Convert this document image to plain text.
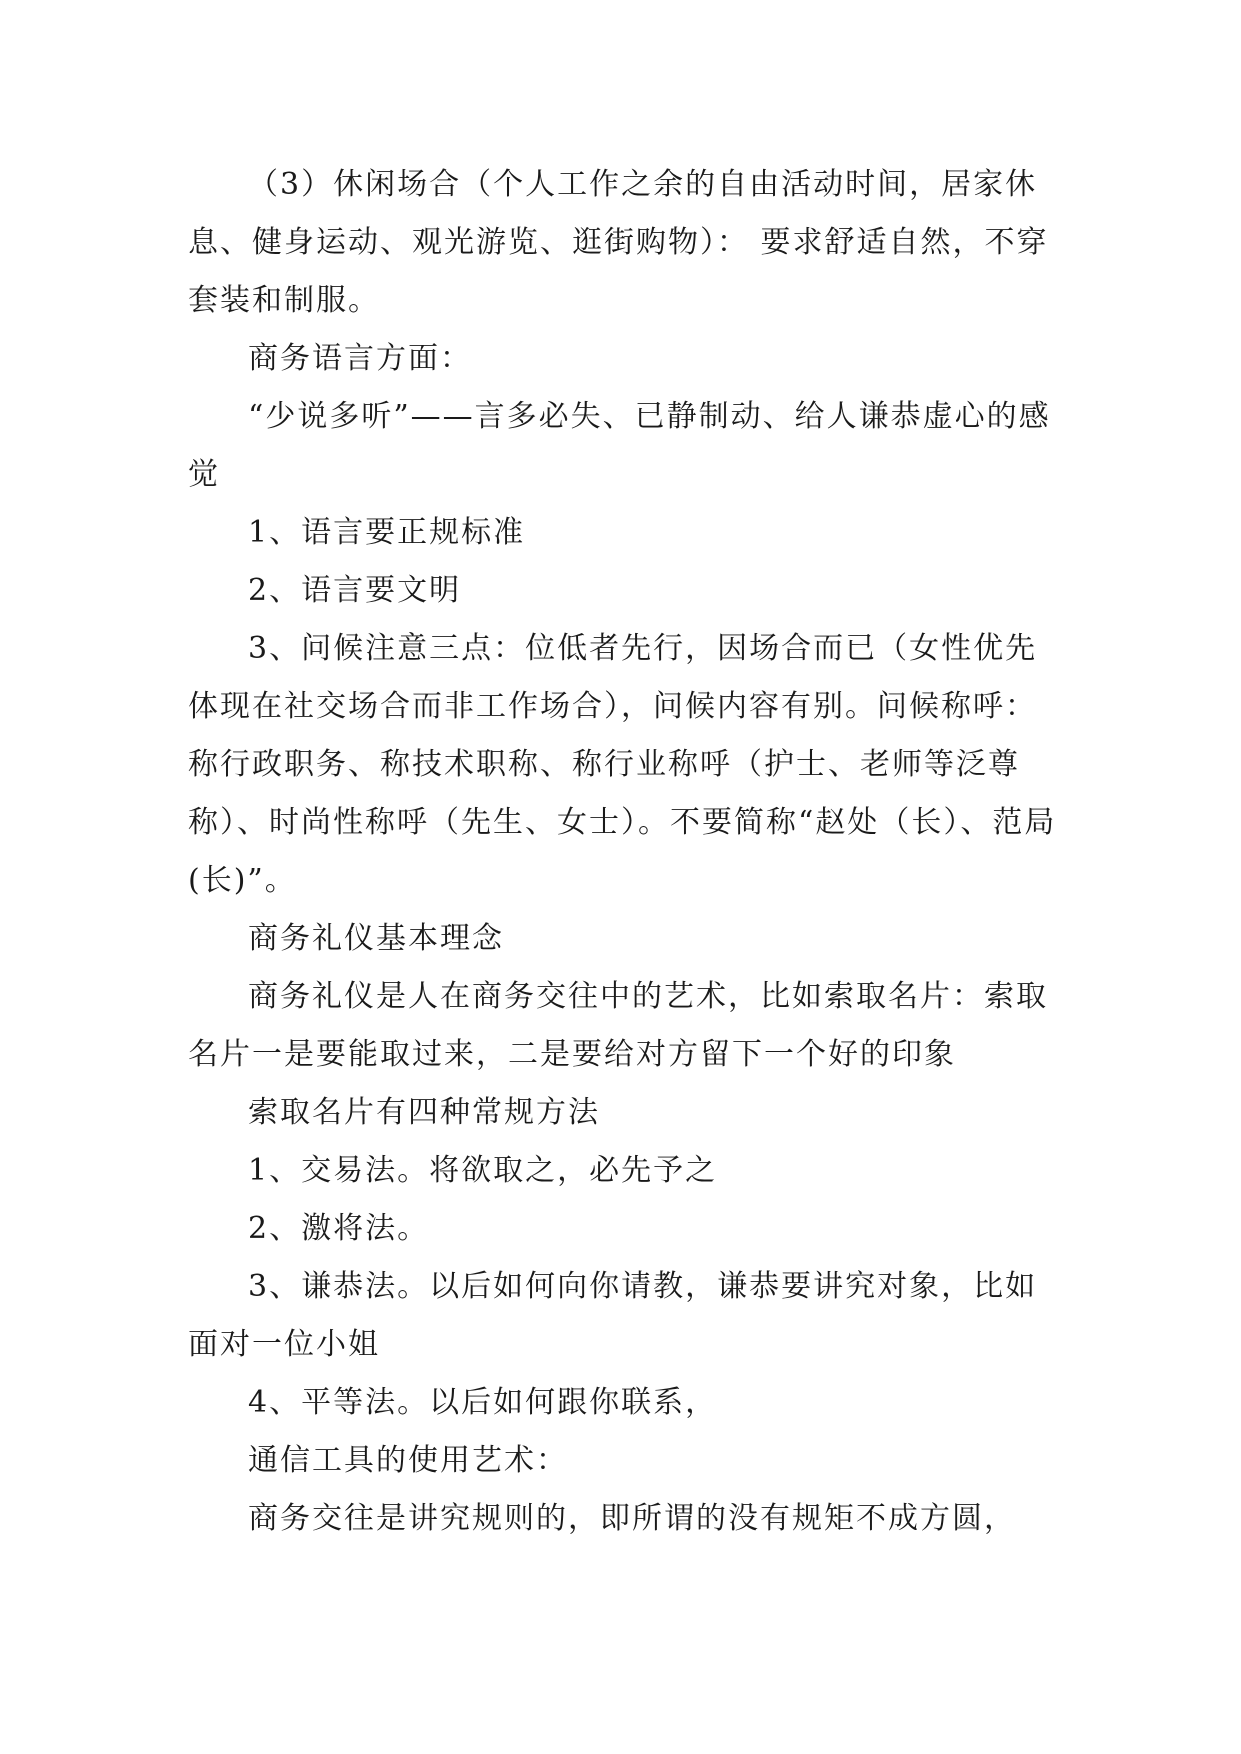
（3）休闲场合（个人工作之余的自由活动时间，居家休息、健身运动、观光游览、逛街购物）： 要求舒适自然，不穿套装和制服。

商务语言方面：

“少说多听”——言多必失、已静制动、给人谦恭虚心的感觉

1、语言要正规标准

2、语言要文明

3、问候注意三点：位低者先行，因场合而已（女性优先体现在社交场合而非工作场合），问候内容有别。问候称呼：称行政职务、称技术职称、称行业称呼（护士、老师等泛尊称）、时尚性称呼（先生、女士）。不要简称“赵处（长）、范局(长)”。

商务礼仪基本理念

商务礼仪是人在商务交往中的艺术，比如索取名片：索取名片一是要能取过来，二是要给对方留下一个好的印象

索取名片有四种常规方法

1、交易法。将欲取之，必先予之

2、激将法。

3、谦恭法。以后如何向你请教，谦恭要讲究对象，比如面对一位小姐

4、平等法。以后如何跟你联系，

通信工具的使用艺术：

商务交往是讲究规则的，即所谓的没有规矩不成方圆，
